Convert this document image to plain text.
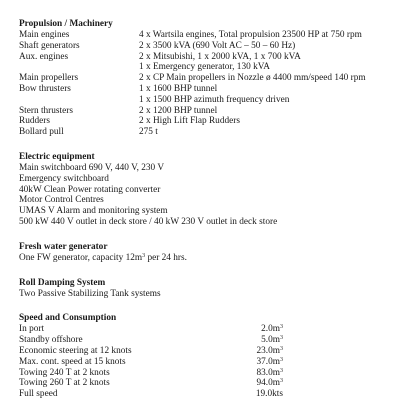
Propulsion / Machinery
Main engines	4 x Wartsila engines, Total propulsion 23500 HP at 750 rpm
Shaft generators	2 x 3500 kVA (690 Volt AC – 50 – 60 Hz)
Aux. engines	2 x Mitsubishi, 1 x 2000 kVA, 1 x 700 kVA
1 x Emergency generator, 130 kVA
Main propellers	2 x CP Main propellers in Nozzle ø 4400 mm/speed 140 rpm
Bow thrusters	1 x 1600 BHP tunnel
1 x 1500 BHP azimuth frequency driven
Stern thrusters	2 x 1200 BHP tunnel
Rudders	2 x High Lift Flap Rudders
Bollard pull	275 t
Electric equipment
Main switchboard 690 V, 440 V, 230 V
Emergency switchboard
40kW Clean Power rotating converter
Motor Control Centres
UMAS V Alarm and monitoring system
500 kW 440 V outlet in deck store / 40 kW 230 V outlet in deck store
Fresh water generator
One FW generator, capacity $12m^3$ per 24 hrs.
Roll Damping System
Two Passive Stabilizing Tank systems
Speed and Consumption
In port	$2.0m^3$
Standby offshore	$5.0m^3$
Economic steering at 12 knots	$23.0m^3$
Max. cont. speed at 15 knots	$37.0m^3$
Towing 240 T at 2 knots	$83.0m^3$
Towing 260 T at 2 knots	$94.0m^3$
Full speed	19.0kts
